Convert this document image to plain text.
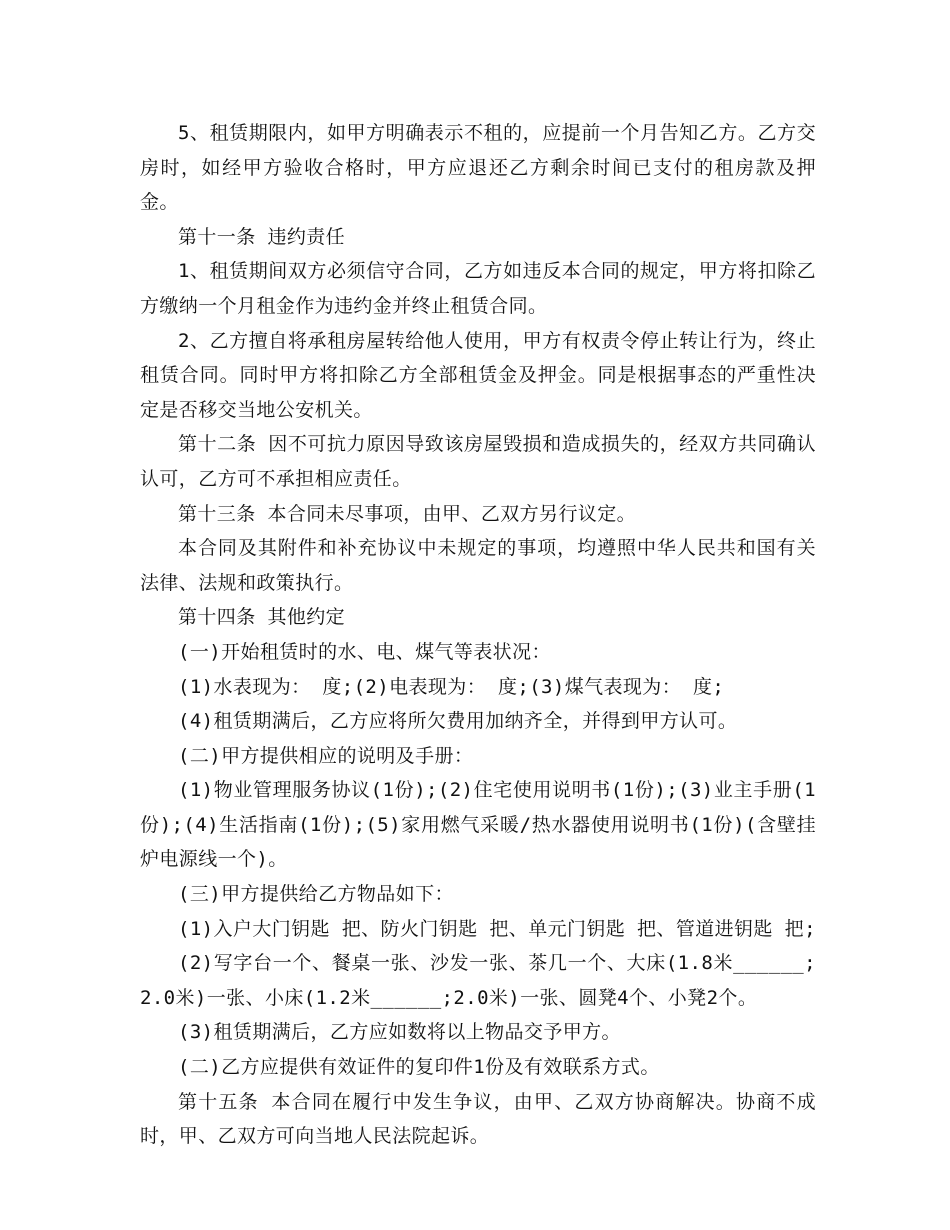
5、租赁期限内，如甲方明确表示不租的，应提前一个月告知乙方。乙方交房时，如经甲方验收合格时，甲方应退还乙方剩余时间已支付的租房款及押金。

第十一条 违约责任

1、租赁期间双方必须信守合同，乙方如违反本合同的规定，甲方将扣除乙方缴纳一个月租金作为违约金并终止租赁合同。

2、乙方擅自将承租房屋转给他人使用，甲方有权责令停止转让行为，终止租赁合同。同时甲方将扣除乙方全部租赁金及押金。同是根据事态的严重性决定是否移交当地公安机关。

第十二条 因不可抗力原因导致该房屋毁损和造成损失的，经双方共同确认认可，乙方可不承担相应责任。

第十三条 本合同未尽事项，由甲、乙双方另行议定。

本合同及其附件和补充协议中未规定的事项，均遵照中华人民共和国有关法律、法规和政策执行。

第十四条 其他约定

(一)开始租赁时的水、电、煤气等表状况：

(1)水表现为： 度;(2)电表现为： 度;(3)煤气表现为： 度;

(4)租赁期满后，乙方应将所欠费用加纳齐全，并得到甲方认可。

(二)甲方提供相应的说明及手册：

(1)物业管理服务协议(1份);(2)住宅使用说明书(1份);(3)业主手册(1份);(4)生活指南(1份);(5)家用燃气采暖/热水器使用说明书(1份)(含壁挂炉电源线一个)。

(三)甲方提供给乙方物品如下：

(1)入户大门钥匙 把、防火门钥匙 把、单元门钥匙 把、管道进钥匙 把;

(2)写字台一个、餐桌一张、沙发一张、茶几一个、大床(1.8米______;2.0米)一张、小床(1.2米______;2.0米)一张、圆凳4个、小凳2个。

(3)租赁期满后，乙方应如数将以上物品交予甲方。

(二)乙方应提供有效证件的复印件1份及有效联系方式。

第十五条 本合同在履行中发生争议，由甲、乙双方协商解决。协商不成时，甲、乙双方可向当地人民法院起诉。
